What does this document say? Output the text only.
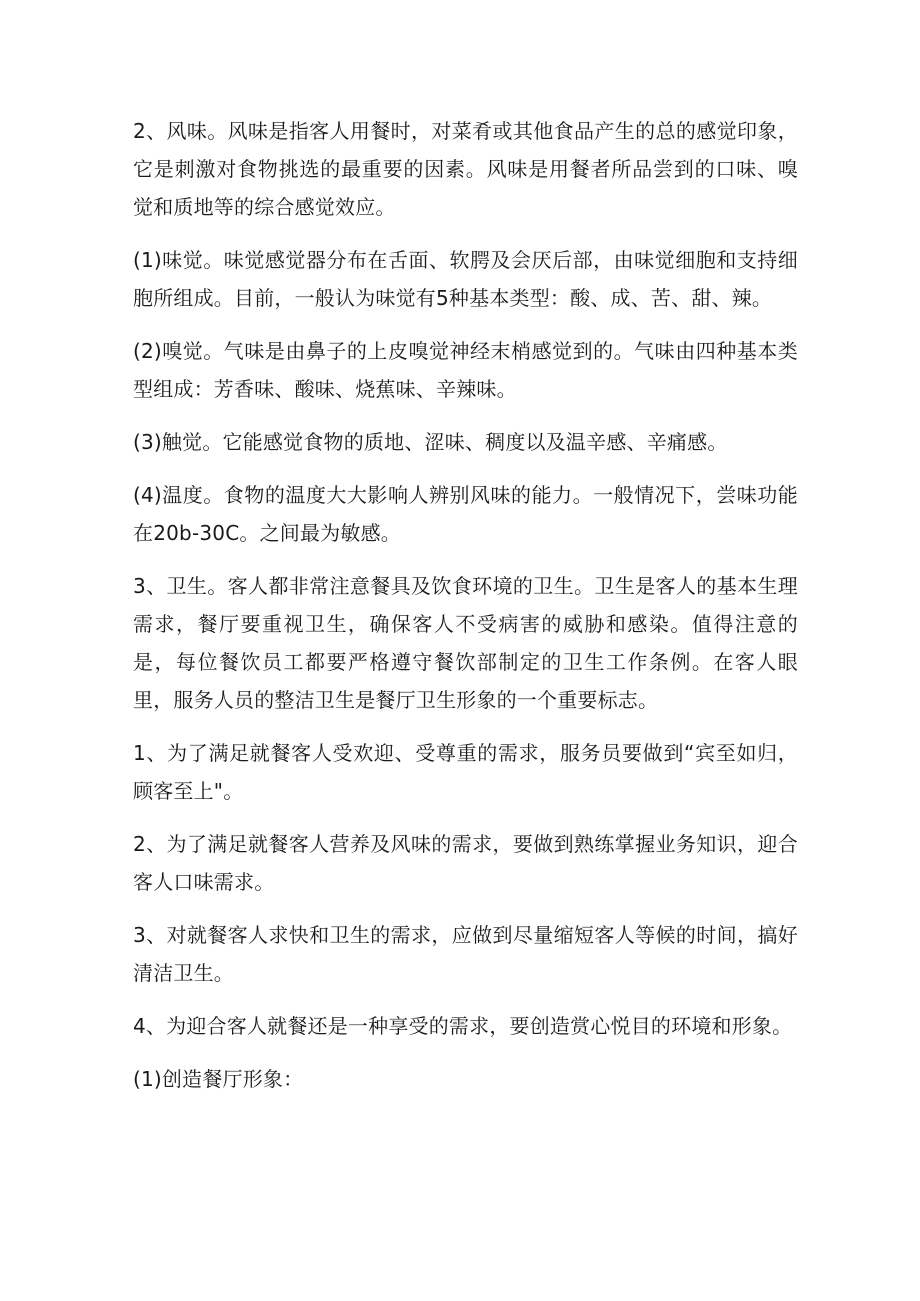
2、风味。风味是指客人用餐时，对菜肴或其他食品产生的总的感觉印象，它是刺激对食物挑选的最重要的因素。风味是用餐者所品尝到的口味、嗅觉和质地等的综合感觉效应。

(1)味觉。味觉感觉器分布在舌面、软腭及会厌后部，由味觉细胞和支持细胞所组成。目前，一般认为味觉有5种基本类型：酸、成、苦、甜、辣。

(2)嗅觉。气味是由鼻子的上皮嗅觉神经末梢感觉到的。气味由四种基本类型组成：芳香味、酸味、烧蕉味、辛辣味。

(3)触觉。它能感觉食物的质地、涩味、稠度以及温辛感、辛痛感。

(4)温度。食物的温度大大影响人辨别风味的能力。一般情况下，尝味功能在20b-30C。之间最为敏感。

3、卫生。客人都非常注意餐具及饮食环境的卫生。卫生是客人的基本生理需求，餐厅要重视卫生，确保客人不受病害的威胁和感染。值得注意的是，每位餐饮员工都要严格遵守餐饮部制定的卫生工作条例。在客人眼里，服务人员的整洁卫生是餐厅卫生形象的一个重要标志。

1、为了满足就餐客人受欢迎、受尊重的需求，服务员要做到“宾至如归，顾客至上"。

2、为了满足就餐客人营养及风味的需求，要做到熟练掌握业务知识，迎合客人口味需求。

3、对就餐客人求快和卫生的需求，应做到尽量缩短客人等候的时间，搞好清洁卫生。

4、为迎合客人就餐还是一种享受的需求，要创造赏心悦目的环境和形象。

(1)创造餐厅形象：
